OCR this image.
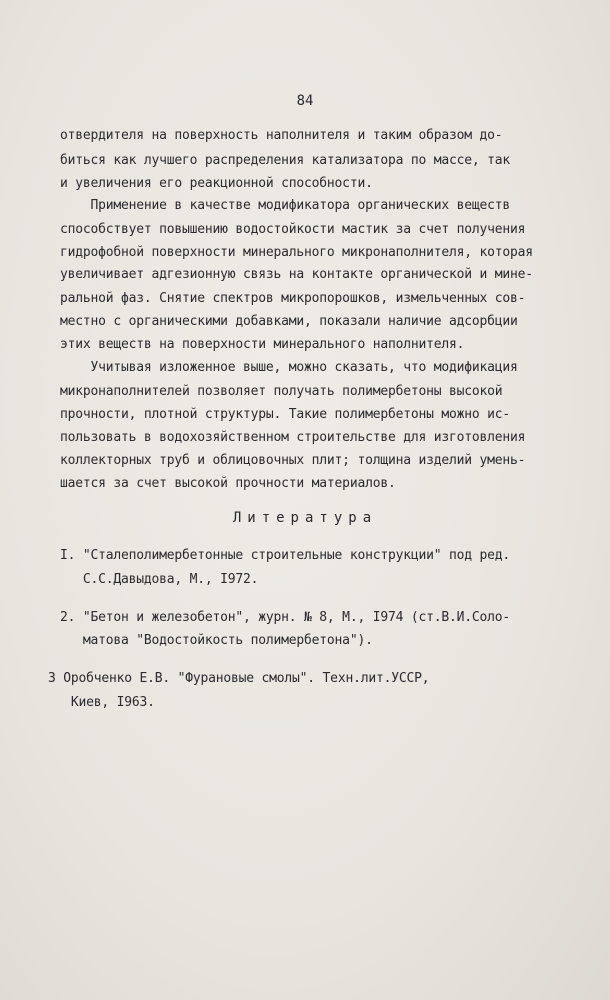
84
отвердителя на поверхность наполнителя и таким образом до-
биться как лучшего распределения катализатора по массе, так
и увеличения его реакционной способности.
Применение в качестве модификатора органических веществ
способствует повышению водостойкости мастик за счет получения
гидрофобной поверхности минерального микронаполнителя, которая
увеличивает адгезионную связь на контакте органической и мине-
ральной фаз. Снятие спектров микропорошков, измельченных сов-
местно с органическими добавками, показали наличие адсорбции
этих веществ на поверхности минерального наполнителя.
Учитывая изложенное выше, можно сказать, что модификация
микронаполнителей позволяет получать полимербетоны высокой
прочности, плотной структуры. Такие полимербетоны можно ис-
пользовать в водохозяйственном строительстве для изготовления
коллекторных труб и облицовочных плит; толщина изделий умень-
шается за счет высокой прочности материалов.
Литература
I. "Сталеполимербетонные строительные конструкции" под ред.
С.С.Давыдова, М., I972.
2. "Бетон и железобетон", журн. № 8, М., I974 (ст.В.И.Соло-
матова "Водостойкость полимербетона").
3 Оробченко Е.В. "Фурановые смолы". Техн.лит.УССР,
Киев, I963.
